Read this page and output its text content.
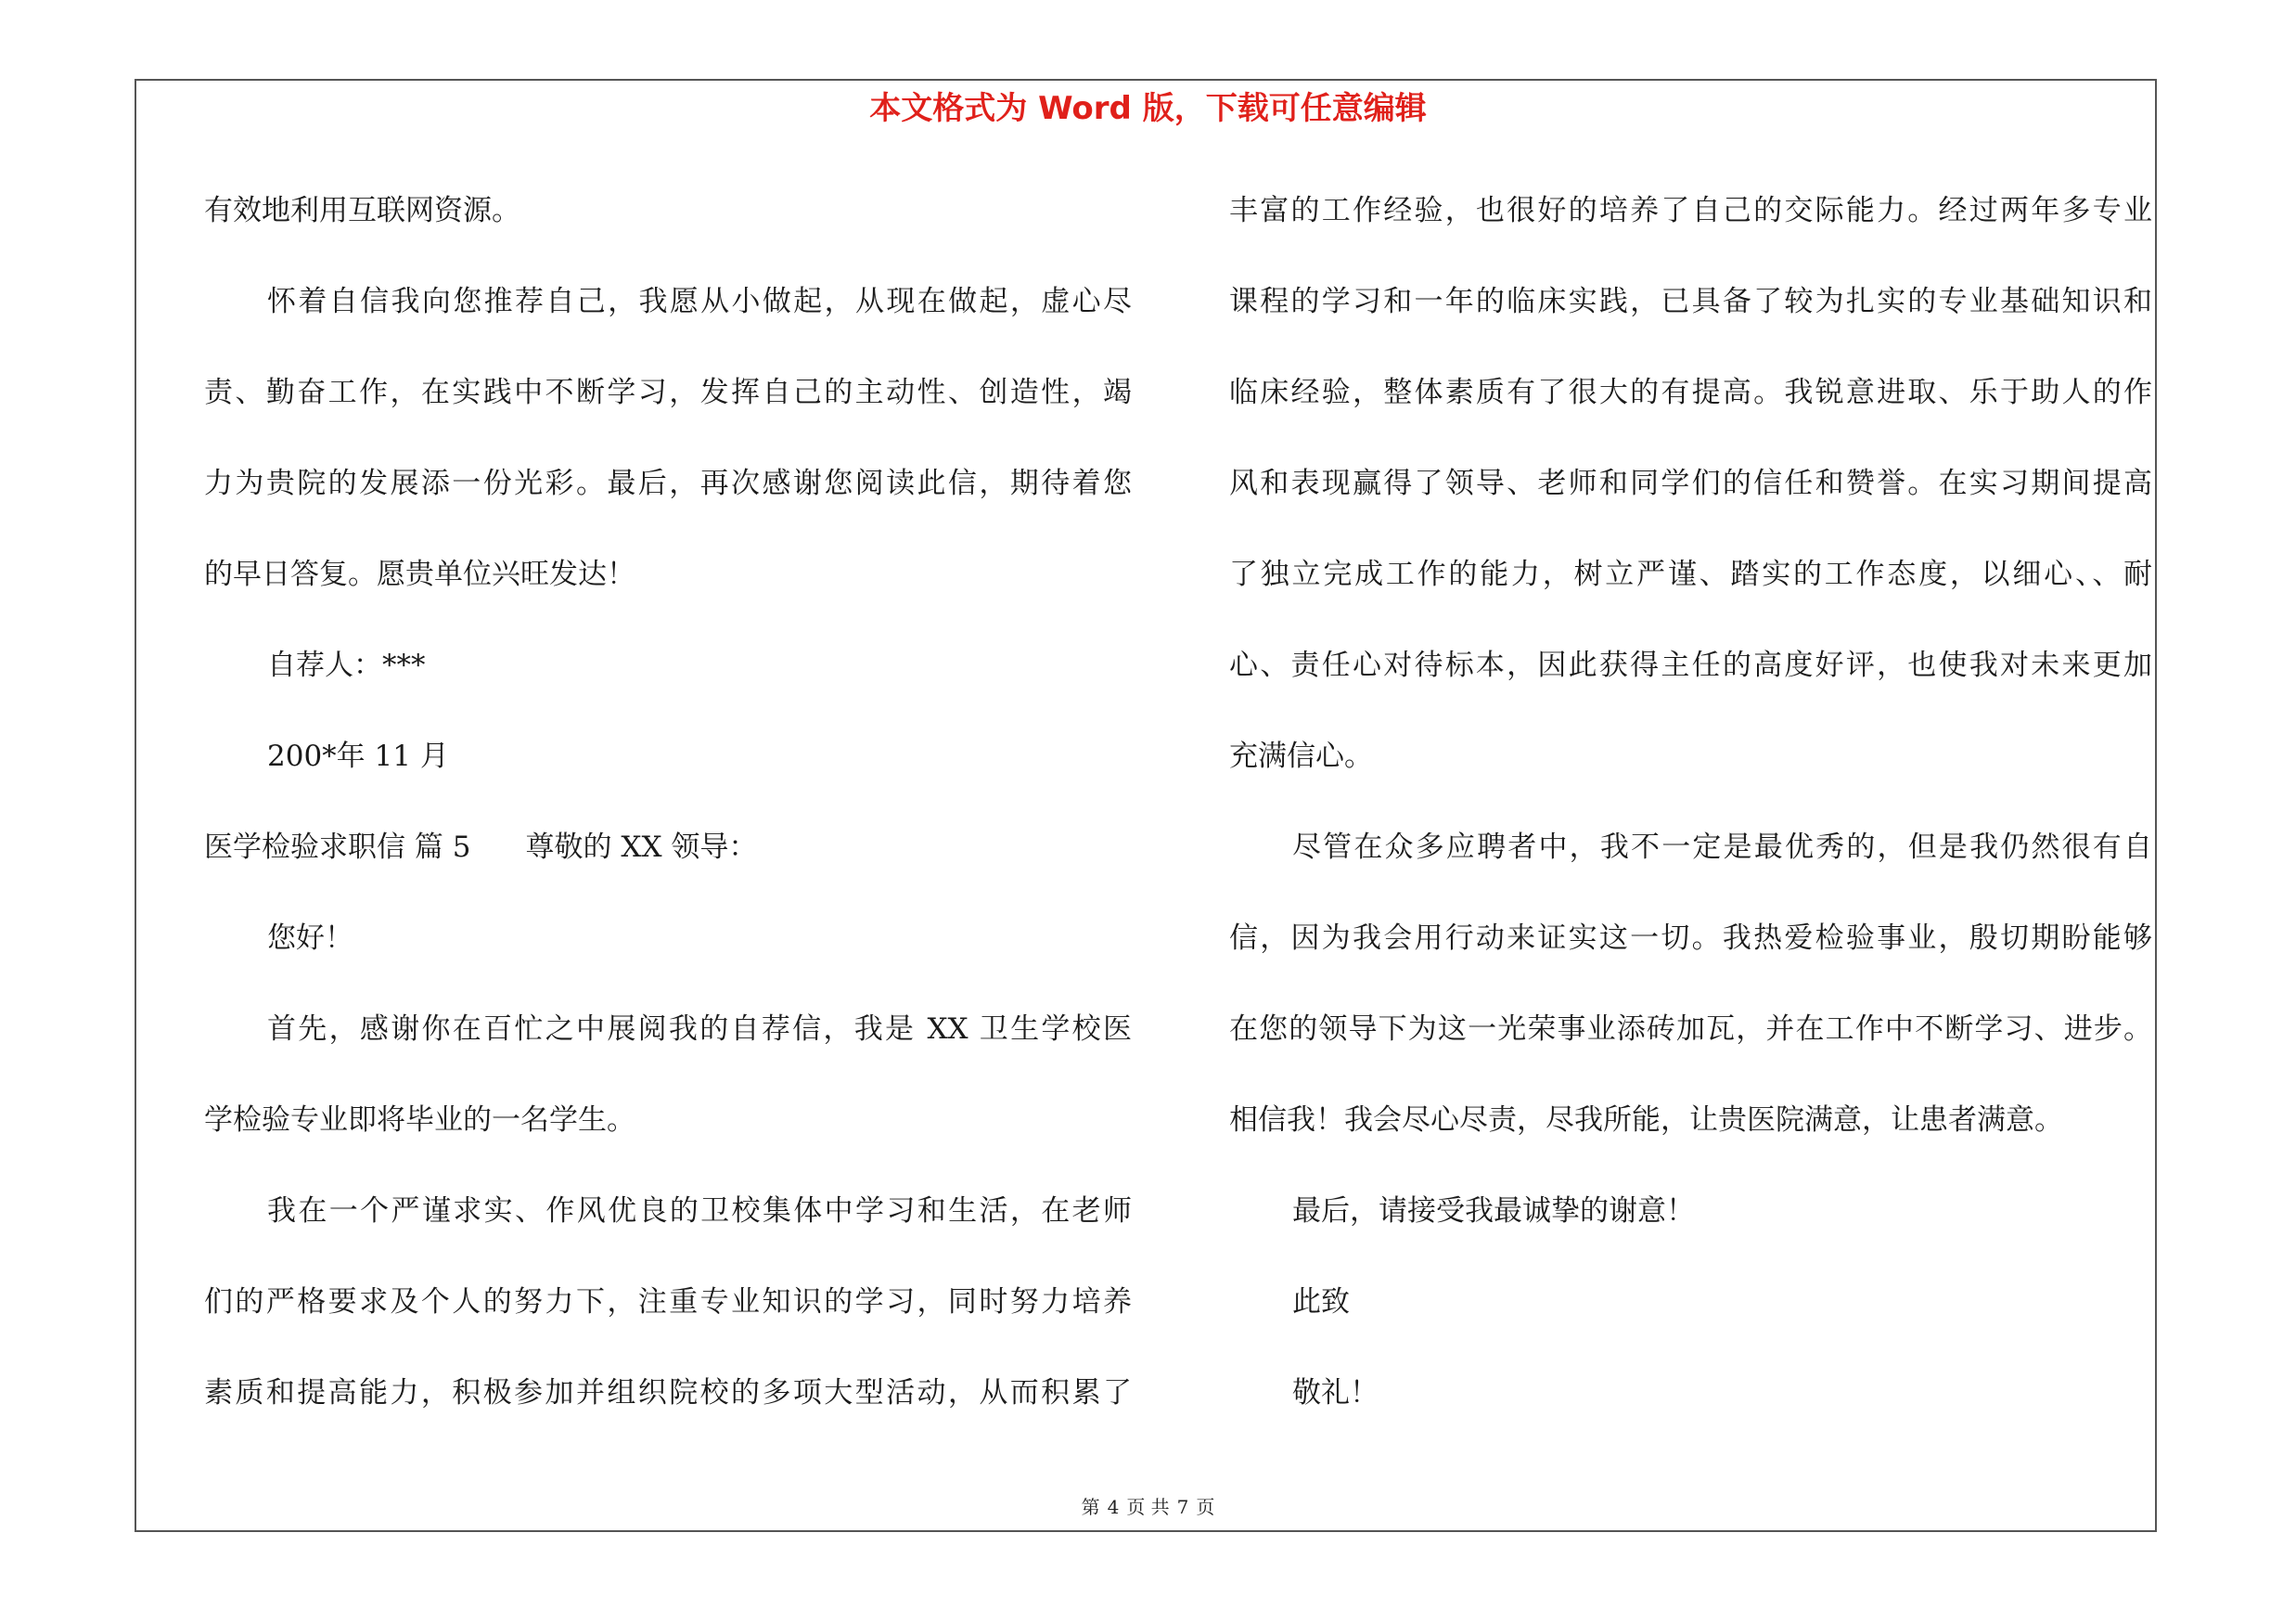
本文格式为 Word 版，下载可任意编辑
有效地利用互联网资源。
怀着自信我向您推荐自己，我愿从小做起，从现在做起，虚心尽
责、勤奋工作，在实践中不断学习，发挥自己的主动性、创造性，竭
力为贵院的发展添一份光彩。最后，再次感谢您阅读此信，期待着您
的早日答复。愿贵单位兴旺发达！
自荐人：***
200*年 11 月
医学检验求职信 篇 5      尊敬的 XX 领导：
您好！
首先，感谢你在百忙之中展阅我的自荐信，我是 XX 卫生学校医
学检验专业即将毕业的一名学生。
我在一个严谨求实、作风优良的卫校集体中学习和生活，在老师
们的严格要求及个人的努力下，注重专业知识的学习，同时努力培养
素质和提高能力，积极参加并组织院校的多项大型活动，从而积累了
丰富的工作经验，也很好的培养了自己的交际能力。经过两年多专业
课程的学习和一年的临床实践，已具备了较为扎实的专业基础知识和
临床经验，整体素质有了很大的有提高。我锐意进取、乐于助人的作
风和表现赢得了领导、老师和同学们的信任和赞誉。在实习期间提高
了独立完成工作的能力，树立严谨、踏实的工作态度，以细心、、耐
心、责任心对待标本，因此获得主任的高度好评，也使我对未来更加
充满信心。
尽管在众多应聘者中，我不一定是最优秀的，但是我仍然很有自
信，因为我会用行动来证实这一切。我热爱检验事业，殷切期盼能够
在您的领导下为这一光荣事业添砖加瓦，并在工作中不断学习、进步。
相信我！我会尽心尽责，尽我所能，让贵医院满意，让患者满意。
最后，请接受我最诚挚的谢意！
此致
敬礼！
第 4 页 共 7 页
